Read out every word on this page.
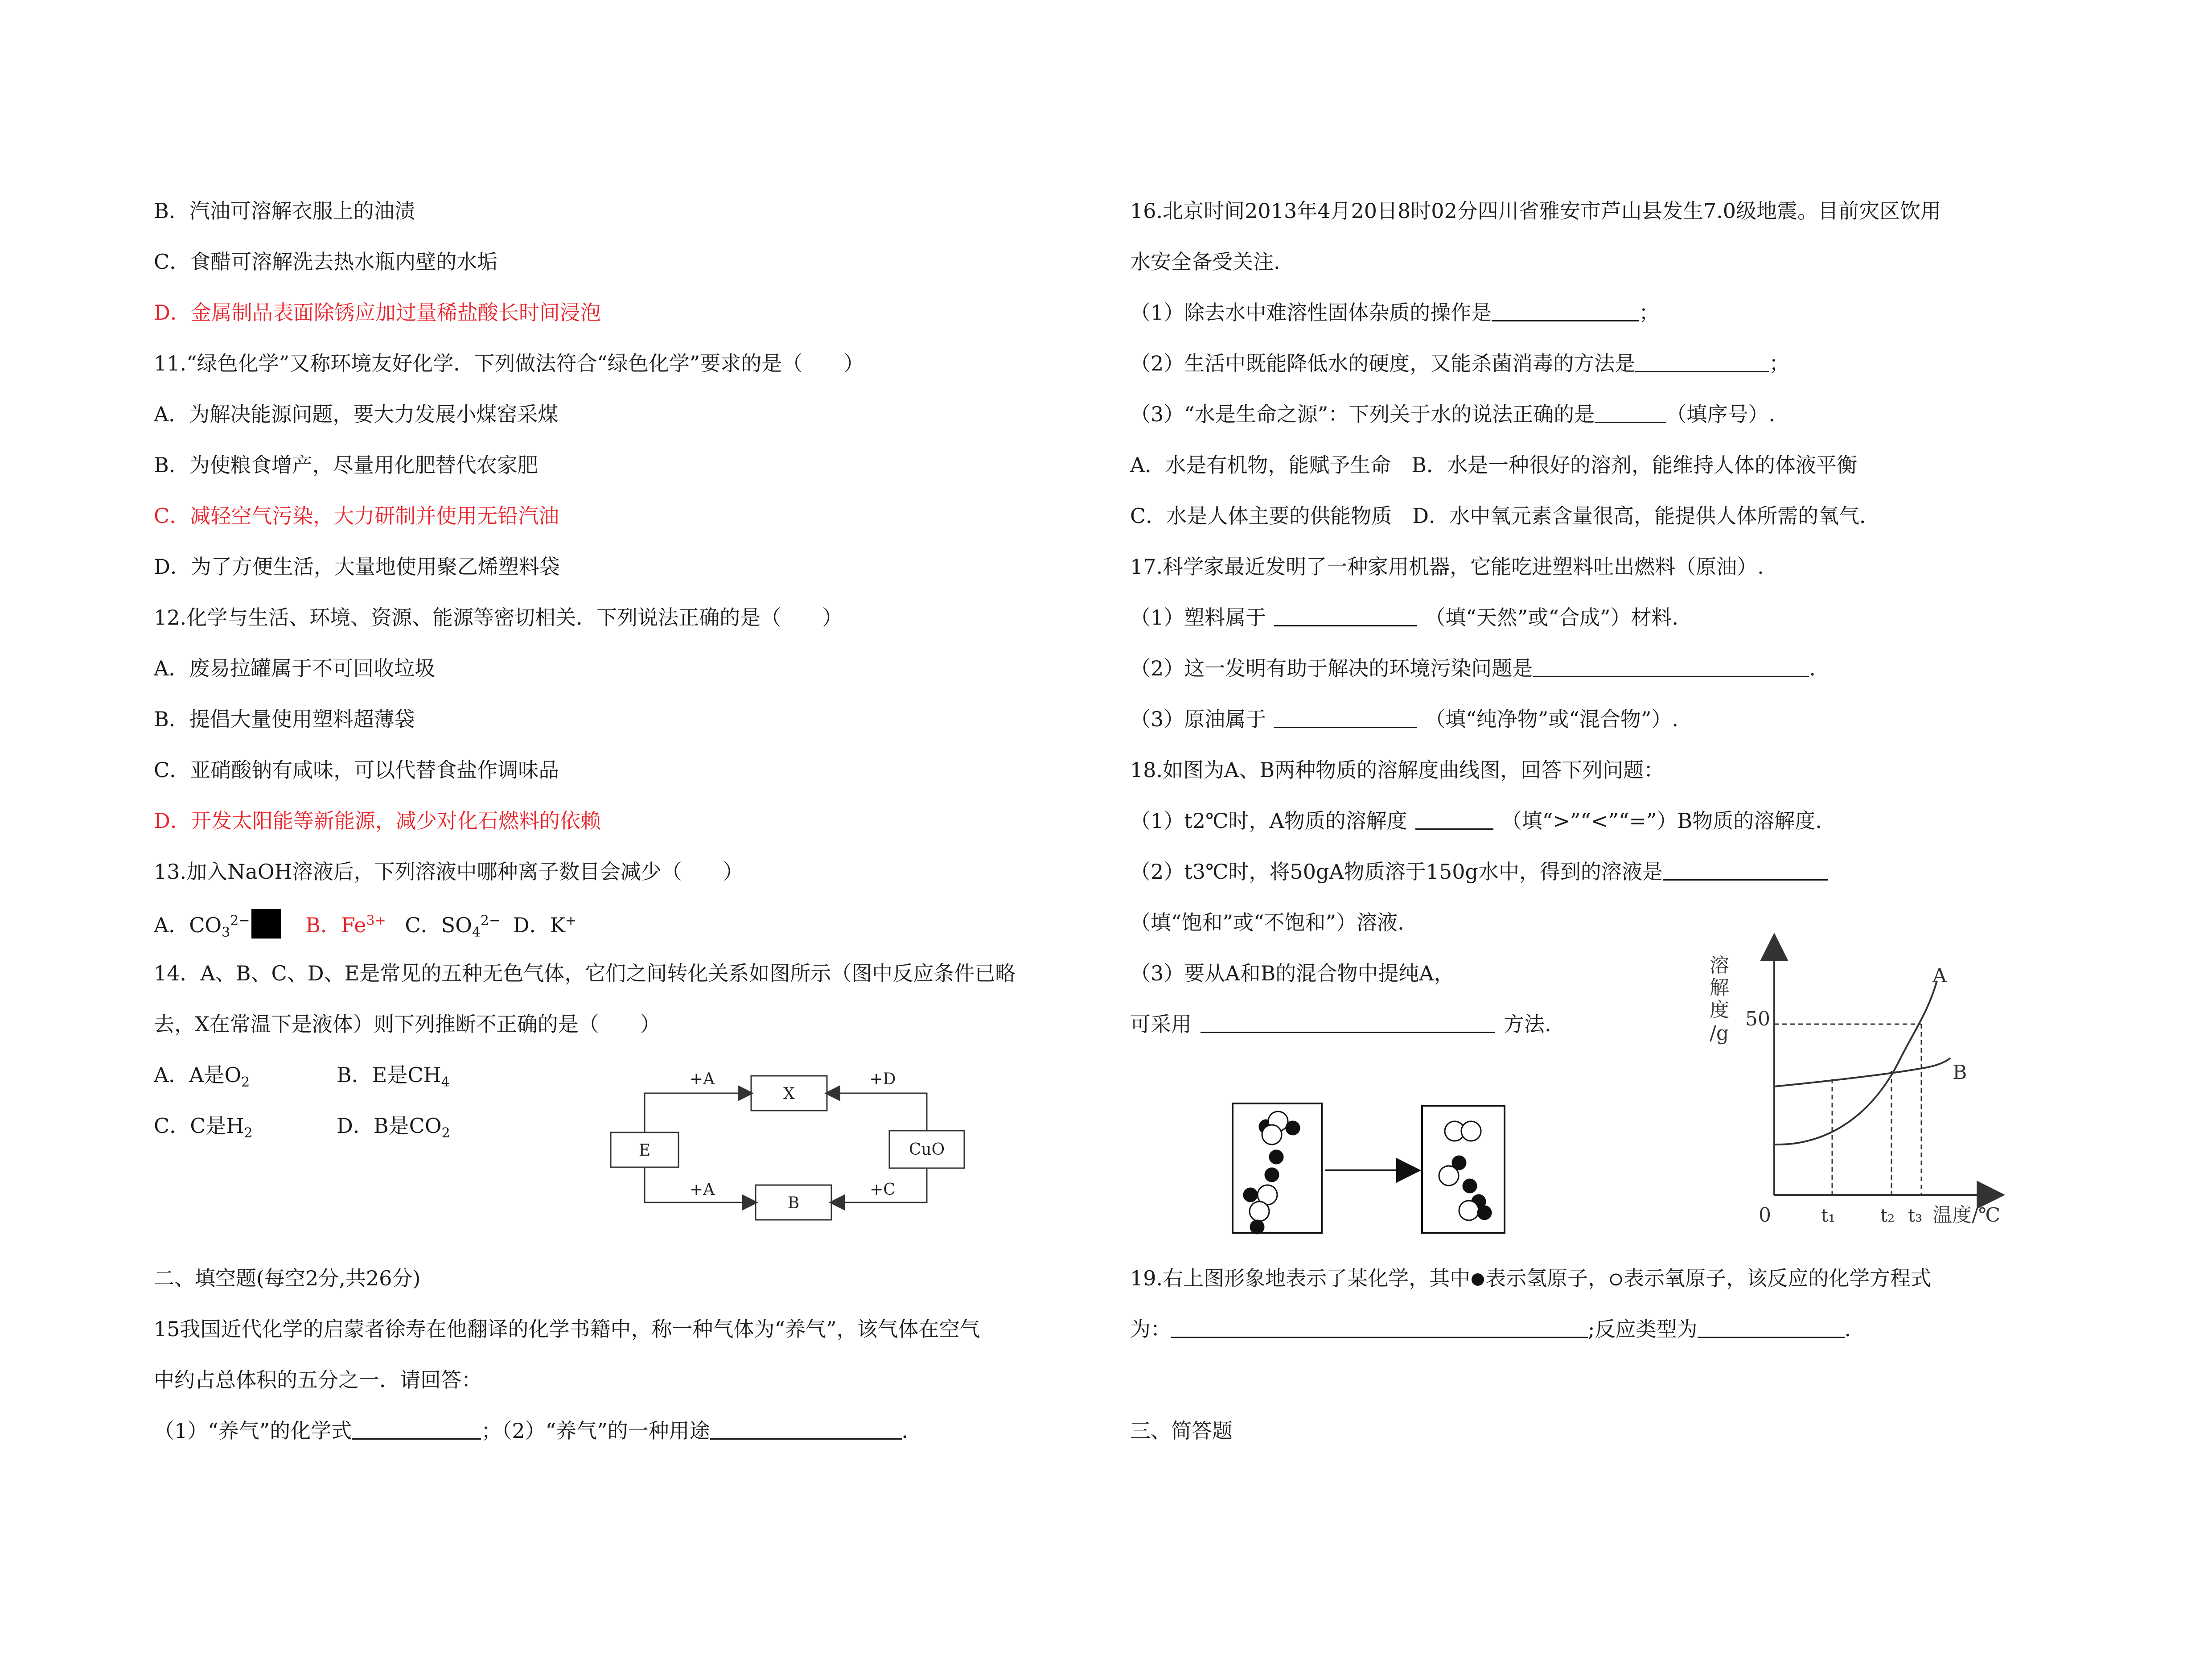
B．汽油可溶解衣服上的油渍
C．食醋可溶解洗去热水瓶内壁的水垢
D．金属制品表面除锈应加过量稀盐酸长时间浸泡
11.“绿色化学”又称环境友好化学．下列做法符合“绿色化学”要求的是（　　）
A．为解决能源问题，要大力发展小煤窑采煤
B．为使粮食增产，尽量用化肥替代农家肥
C．减轻空气污染，大力研制并使用无铅汽油
D．为了方便生活，大量地使用聚乙烯塑料袋
12.化学与生活、环境、资源、能源等密切相关．下列说法正确的是（　　）
A．废易拉罐属于不可回收垃圾
B．提倡大量使用塑料超薄袋
C．亚硝酸钠有咸味，可以代替食盐作调味品
D．开发太阳能等新能源，减少对化石燃料的依赖
13.加入NaOH溶液后，下列溶液中哪种离子数目会减少（　　）
A．$CO_3^{2-}$	B．$Fe^{3+}$ C．$SO_4^{2-}$ D．K+
14．A、B、C、D、E是常见的五种无色气体，它们之间转化关系如图所示（图中反应条件已略
去，X在常温下是液体）则下列推断不正确的是（　　）
A．A是$O_2$	B．E是$CH_4$
C．C是$H_2$	D．B是$CO_2$
X
E	CuO
B
+A	+D
+A	+C
二、填空题(每空2分,共26分)
15我国近代化学的启蒙者徐寿在他翻译的化学书籍中，称一种气体为“养气”，该气体在空气
中约占总体积的五分之一．请回答：
（1）“养气”的化学式	；（2）“养气”的一种用途	．
16.北京时间2013年4月20日8时02分四川省雅安市芦山县发生7.0级地震。目前灾区饮用
水安全备受关注.
（1）除去水中难溶性固体杂质的操作是	；
（2）生活中既能降低水的硬度，又能杀菌消毒的方法是	；
（3）“水是生命之源”：下列关于水的说法正确的是	（填序号）.
A．水是有机物，能赋予生命　B．水是一种很好的溶剂，能维持人体的体液平衡
C．水是人体主要的供能物质　D．水中氧元素含量很高，能提供人体所需的氧气．
17.科学家最近发明了一种家用机器，它能吃进塑料吐出燃料（原油）.
（1）塑料属于	（填“天然”或“合成”）材料.
（2）这一发明有助于解决的环境污染问题是	.
（3）原油属于	（填“纯净物”或“混合物”）.
18.如图为A、B两种物质的溶解度曲线图，回答下列问题：
（1）t2℃时，A物质的溶解度	（填“>”“<”“=”）B物质的溶解度.
（2）t3℃时，将50gA物质溶于150g水中，得到的溶液是
（填“饱和”或“不饱和”）溶液.
（3）要从A和B的混合物中提纯A，
可采用	方法.
溶
解
度
/g
50
0	t₁	t₂ t₃ 温度/℃
A
B
19.右上图形象地表示了某化学，其中 表示氢原子， 表示氧原子，该反应的化学方程式
为：	;反应类型为	.
三、简答题
